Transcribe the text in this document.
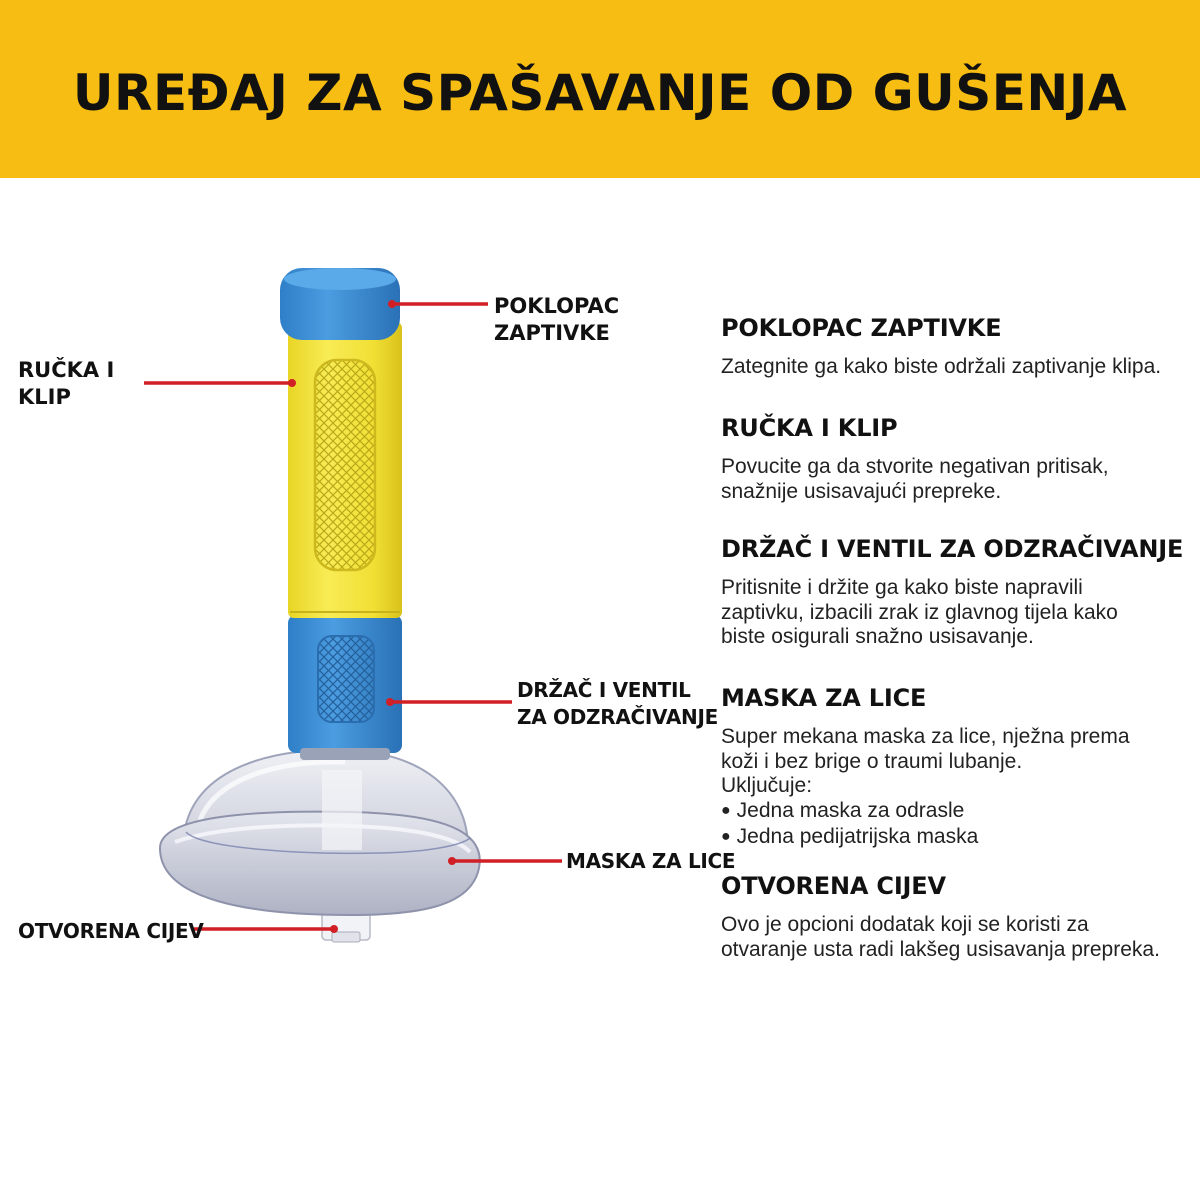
UREĐAJ ZA SPAŠAVANJE OD GUŠENJA
POKLOPAC
ZAPTIVKE
RUČKA I
KLIP
DRŽAČ I VENTIL
ZA ODZRAČIVANJE
MASKA ZA LICE
OTVORENA CIJEV
POKLOPAC ZAPTIVKE

Zategnite ga kako biste održali zaptivanje klipa.

RUČKA I KLIP

Povucite ga da stvorite negativan pritisak,

snažnije usisavajući prepreke.

DRŽAČ I VENTIL ZA ODZRAČIVANJE

Pritisnite i držite ga kako biste napravili

zaptivku, izbacili zrak iz glavnog tijela kako

biste osigurali snažno usisavanje.

MASKA ZA LICE

Super mekana maska za lice, nježna prema

koži i bez brige o traumi lubanje.

Uključuje:

● Jedna maska za odrasle
● Jedna pedijatrijska maska
OTVORENA CIJEV

Ovo je opcioni dodatak koji se koristi za

otvaranje usta radi lakšeg usisavanja prepreka.
